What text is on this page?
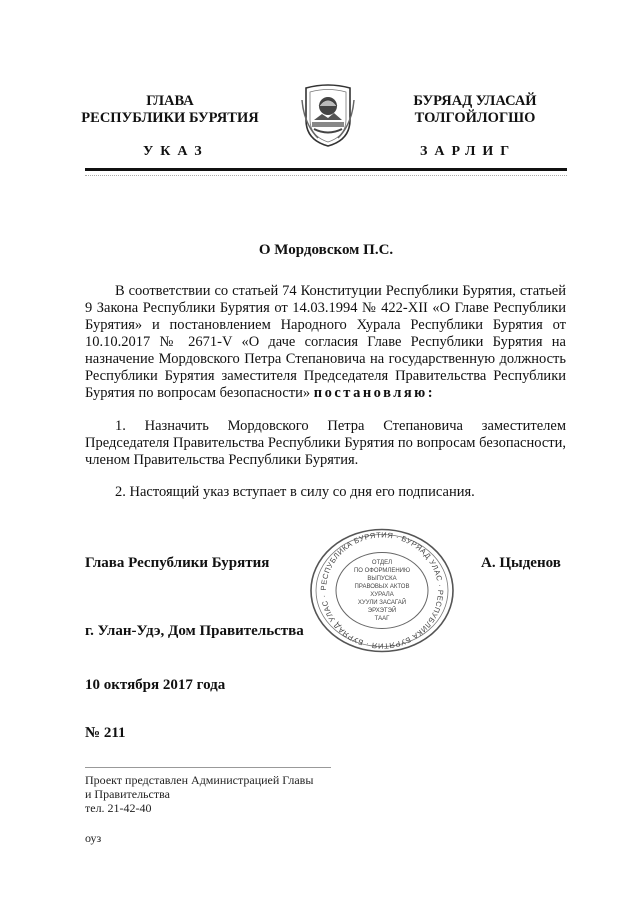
ГЛАВА
РЕСПУБЛИКИ БУРЯТИЯ
БУРЯАД УЛАСАЙ
ТОЛГОЙЛОГШО
УКАЗ	ЗАРЛИГ
О Мордовском П.С.
В соответствии со статьей 74 Конституции Республики Бурятия, статьей 9 Закона Республики Бурятия от 14.03.1994 № 422-XII «О Главе Республики Бурятия» и постановлением Народного Хурала Республики Бурятия от 10.10.2017 № 2671-V «О даче согласия Главе Республики Бурятия на назначение Мордовского Петра Степановича на государственную должность Республики Бурятия заместителя Председателя Правительства Республики Бурятия по вопросам безопасности» постановляю:
1. Назначить Мордовского Петра Степановича заместителем Председателя Правительства Республики Бурятия по вопросам безопасности, членом Правительства Республики Бурятия.
2. Настоящий указ вступает в силу со дня его подписания.
Глава Республики Бурятия	А. Цыденов
РЕСПУБЛИКА БУРЯТИЯ · БУРЯАД УЛАС · РЕСПУБЛИКА БУРЯТИЯ · БУРЯАД УЛАС ·
ОТДЕЛ
ПО ОФОРМЛЕНИЮ
ВЫПУСКА
ПРАВОВЫХ АКТОВ
ХУРАЛА
ХУУЛИ ЗАСАГАЙ
ЭРХЭТЭЙ
ТААГ
г. Улан-Удэ, Дом Правительства
10 октября 2017 года
№ 211
Проект представлен Администрацией Главы
и Правительства
тел. 21-42-40
оуз
